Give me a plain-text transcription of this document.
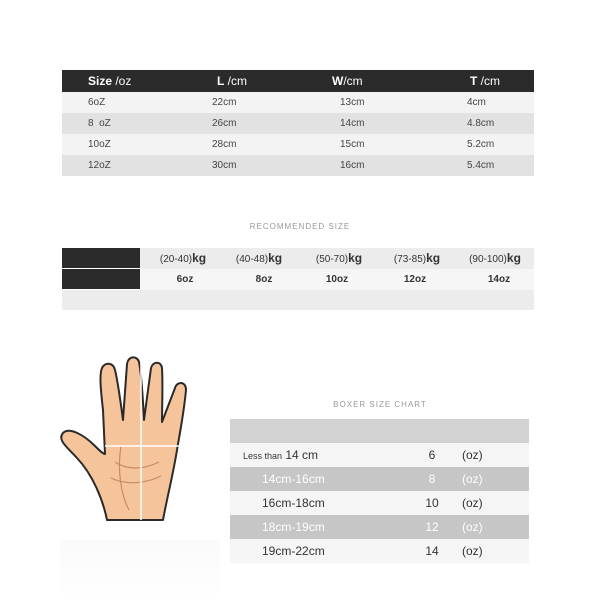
Size /oz	L /cm	W/cm	T /cm
6oZ	22cm	13cm	4cm
8  oZ	26cm	14cm	4.8cm
10oZ	28cm	15cm	5.2cm
12oZ	30cm	16cm	5.4cm
RECOMMENDED SIZE
(20-40)kg	(40-48)kg	(50-70)kg	(73-85)kg	(90-100)kg
6oz	8oz	10oz	12oz	14oz
BOXER SIZE CHART
Less than 14 cm	6	(oz)
14cm-16cm	8	(oz)
16cm-18cm	10 (oz)
18cm-19cm	12 (oz)
19cm-22cm	14 (oz)
